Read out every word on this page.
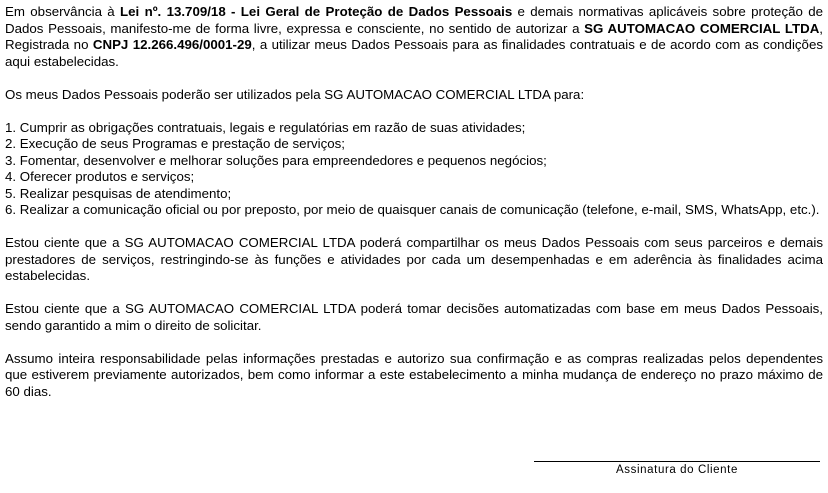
Em observância à Lei nº. 13.709/18 - Lei Geral de Proteção de Dados Pessoais e demais normativas aplicáveis sobre proteção de Dados Pessoais, manifesto-me de forma livre, expressa e consciente, no sentido de autorizar a SG AUTOMACAO COMERCIAL LTDA, Registrada no CNPJ 12.266.496/0001-29, a utilizar meus Dados Pessoais para as finalidades contratuais e de acordo com as condições aqui estabelecidas.

Os meus Dados Pessoais poderão ser utilizados pela SG AUTOMACAO COMERCIAL LTDA para:

1. Cumprir as obrigações contratuais, legais e regulatórias em razão de suas atividades;
2. Execução de seus Programas e prestação de serviços;
3. Fomentar, desenvolver e melhorar soluções para empreendedores e pequenos negócios;
4. Oferecer produtos e serviços;
5. Realizar pesquisas de atendimento;
6. Realizar a comunicação oficial ou por preposto, por meio de quaisquer canais de comunicação (telefone, e-mail, SMS, WhatsApp, etc.).

Estou ciente que a SG AUTOMACAO COMERCIAL LTDA poderá compartilhar os meus Dados Pessoais com seus parceiros e demais prestadores de serviços, restringindo-se às funções e atividades por cada um desempenhadas e em aderência às finalidades acima estabelecidas.

Estou ciente que a SG AUTOMACAO COMERCIAL LTDA poderá tomar decisões automatizadas com base em meus Dados Pessoais, sendo garantido a mim o direito de solicitar.

Assumo inteira responsabilidade pelas informações prestadas e autorizo sua confirmação e as compras realizadas pelos dependentes que estiverem previamente autorizados, bem como informar a este estabelecimento a minha mudança de endereço no prazo máximo de 60 dias.

Assinatura do Cliente
